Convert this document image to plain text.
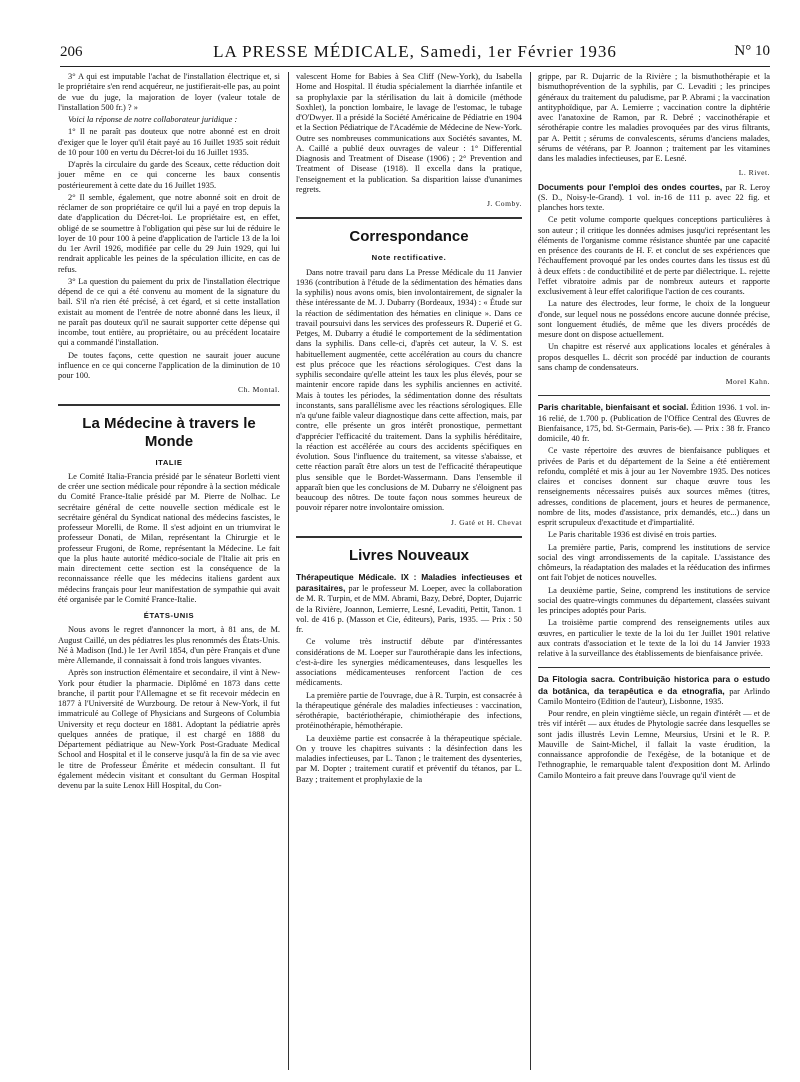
206	LA PRESSE MÉDICALE, Samedi, 1er Février 1936	N° 10

3° A qui est imputable l'achat de l'installation électrique et, si le propriétaire s'en rend acquéreur, ne justifierait-elle pas, au point de vue du juge, la majoration de loyer (valeur totale de l'installation 500 fr.) ? »

Voici la réponse de notre collaborateur juridique :

1° Il ne paraît pas douteux que notre abonné est en droit d'exiger que le loyer qu'il était payé au 16 Juillet 1935 soit réduit de 10 pour 100 en vertu du Décret-loi du 16 Juillet 1935.

D'après la circulaire du garde des Sceaux, cette réduction doit jouer même en ce qui concerne les baux consentis postérieurement à cette date du 16 Juillet 1935.

2° Il semble, également, que notre abonné soit en droit de réclamer de son propriétaire ce qu'il lui a payé en trop depuis la date d'application du Décret-loi. Le propriétaire est, en effet, obligé de se soumettre à l'obligation qui pèse sur lui de réduire le loyer de 10 pour 100 à peine d'application de l'article 13 de la loi du 1er Avril 1926, modifiée par celle du 29 Juin 1929, qui lui rendrait applicable les peines de la spéculation illicite, en cas de refus.

3° La question du paiement du prix de l'installation électrique dépend de ce qui a été convenu au moment de la signature du bail. S'il n'a rien été précisé, à cet égard, et si cette installation existait au moment de l'entrée de notre abonné dans les lieux, il ne paraît pas douteux qu'il ne saurait supporter cette dépense qui incombe, tout entière, au propriétaire, ou au précédent locataire qui a commandé l'installation.

De toutes façons, cette question ne saurait jouer aucune influence en ce qui concerne l'application de la diminution de 10 pour 100.

Ch. Montal.

La Médecine à travers le Monde
ITALIE

Le Comité Italia-Francia présidé par le sénateur Borletti vient de créer une section médicale pour répondre à la section médicale du Comité France-Italie présidé par M. Pierre de Nolhac. Le secrétaire général de cette nouvelle section médicale est le secrétaire général du Syndicat national des médecins fascistes, le professeur Morelli, de Rome. Il s'est adjoint en un triumvirat le professeur Donati, de Milan, représentant la Chirurgie et le professeur Frugoni, de Rome, représentant la Médecine. Le fait que la plus haute autorité médico-sociale de l'Italie ait pris en main directement cette section est la conséquence de la reconnaissance réelle que les médecins italiens gardent aux médecins français pour leur manifestation de sympathie qui avait été organisée par le Comité France-Italie.

ÉTATS-UNIS

Nous avons le regret d'annoncer la mort, à 81 ans, de M. August Caillé, un des pédiatres les plus renommés des États-Unis. Né à Madison (Ind.) le 1er Avril 1854, d'un père Français et d'une mère Allemande, il connaissait à fond trois langues vivantes.

Après son instruction élémentaire et secondaire, il vint à New-York pour étudier la pharmacie. Diplômé en 1873 dans cette branche, il partit pour l'Allemagne et se fit recevoir médecin en 1877 à l'Université de Wurzbourg. De retour à New-York, il fut immatriculé au College of Physicians and Surgeons of Columbia University et reçu docteur en 1881. Adoptant la pédiatrie après quelques années de pratique, il est chargé en 1888 du Département pédiatrique au New-York Post-Graduate Medical School and Hospital et il le conserve jusqu'à la fin de sa vie avec le titre de Professeur Émérite et médecin consultant. Il fut également médecin visitant et consultant du German Hospital devenu par la suite Lenox Hill Hospital, du Con-

valescent Home for Babies à Sea Cliff (New-York), du Isabella Home and Hospital. Il étudia spécialement la diarrhée infantile et sa prophylaxie par la stérilisation du lait à domicile (méthode Soxhlet), la ponction lombaire, le lavage de l'estomac, le tubage d'O'Dwyer. Il a présidé la Société Américaine de Pédiatrie en 1904 et la Section Pédiatrique de l'Académie de Médecine de New-York. Outre ses nombreuses communications aux Sociétés savantes, M. A. Caillé a publié deux ouvrages de valeur : 1° Differential Diagnosis and Treatment of Disease (1906) ; 2° Prevention and Treatment of Disease (1918). Il excella dans la pratique, l'enseignement et la publication. Sa disparition laisse d'unanimes regrets.

J. Comby.

Correspondance
Note rectificative.

Dans notre travail paru dans La Presse Médicale du 11 Janvier 1936 (contribution à l'étude de la sédimentation des hématies dans la syphilis) nous avons omis, bien involontairement, de signaler la thèse intéressante de M. J. Dubarry (Bordeaux, 1934) : « Étude sur la réaction de sédimentation des hématies en clinique ». Dans ce travail poursuivi dans les services des professeurs R. Duperié et G. Petges, M. Dubarry a étudié le comportement de la sédimentation dans la syphilis. Dans celle-ci, d'après cet auteur, la V. S. est habituellement augmentée, cette accélération au cours du chancre est plus précoce que les réactions sérologiques. C'est dans la syphilis secondaire qu'elle atteint les taux les plus élevés, pour se maintenir encore rapide dans les syphilis anciennes en activité. Mais à toutes les périodes, la sédimentation donne des résultats inconstants, sans parallélisme avec les réactions sérologiques. Elle n'a qu'une faible valeur diagnostique dans cette affection, mais, par contre, elle présente un gros intérêt pronostique, permettant d'apprécier l'efficacité du traitement. Dans la syphilis héréditaire, la réaction est accélérée au cours des accidents spécifiques en évolution. Sous l'influence du traitement, sa vitesse s'abaisse, et cette réaction paraît être alors un test de l'efficacité thérapeutique plus sensible que le Bordet-Wassermann. Dans l'ensemble il apparaît bien que les conclusions de M. Dubarry ne s'éloignent pas beaucoup des nôtres. De toute façon nous sommes heureux de pouvoir réparer notre involontaire omission.

J. Gaté et H. Chevat

Livres Nouveaux

Thérapeutique Médicale. IX : Maladies infectieuses et parasitaires, par le professeur M. Loeper, avec la collaboration de M. R. Turpin, et de MM. Abrami, Bazy, Debré, Dopter, Dujarric de la Rivière, Joannon, Lemierre, Lesné, Levaditi, Pettit, Tanon. 1 vol. de 416 p. (Masson et Cie, éditeurs), Paris, 1935. — Prix : 50 fr.

Ce volume très instructif débute par d'intéressantes considérations de M. Loeper sur l'aurothérapie dans les infections, c'est-à-dire les synergies médicamenteuses, dans lesquelles les associations médicamenteuses renforcent l'action de ces médicaments.

La première partie de l'ouvrage, due à R. Turpin, est consacrée à la thérapeutique générale des maladies infectieuses : vaccination, sérothérapie, bactériothérapie, chimiothérapie des infections, protéinothérapie, hémothérapie.

La deuxième partie est consacrée à la thérapeutique spéciale. On y trouve les chapitres suivants : la désinfection dans les maladies infectieuses, par L. Tanon ; le traitement des dysenteries, par M. Dopter ; traitement curatif et préventif du tétanos, par L. Bazy ; traitement et prophylaxie de la

grippe, par R. Dujarric de la Rivière ; la bismuthothérapie et la bismuthoprévention de la syphilis, par C. Levaditi ; les principes généraux du traitement du paludisme, par P. Abrami ; la vaccination antityphoïdique, par A. Lemierre ; vaccination contre la diphtérie avec l'anatoxine de Ramon, par R. Debré ; vaccinothérapie et sérothérapie contre les maladies provoquées par des virus filtrants, par A. Pettit ; sérums de convalescents, sérums d'anciens malades, sérums de vétérans, par P. Joannon ; traitement par les vitamines dans les maladies infectieuses, par E. Lesné.

L. Rivet.

Documents pour l'emploi des ondes courtes, par R. Leroy (S. D., Noisy-le-Grand). 1 vol. in-16 de 111 p. avec 22 fig. et planches hors texte.

Ce petit volume comporte quelques conceptions particulières à son auteur ; il critique les données admises jusqu'ici représentant les éléments de l'organisme comme résistance shuntée par une capacité en présence des courants de H. F. et conclut de ses expériences que l'échauffement provoqué par les ondes courtes dans les tissus est dû à deux effets : de conductibilité et de perte par diélectrique. L. rejette l'effet vibratoire admis par de nombreux auteurs et rapporte exclusivement à leur effet calorifique l'action de ces courants.

La nature des électrodes, leur forme, le choix de la longueur d'onde, sur lequel nous ne possédons encore aucune donnée précise, sont longuement étudiés, de même que les divers procédés de mesure dont on dispose actuellement.

Un chapitre est réservé aux applications locales et générales à propos desquelles L. décrit son procédé par induction de courants sans champ de condensateurs.

Morel Kahn.

Paris charitable, bienfaisant et social. Édition 1936. 1 vol. in-16 relié, de 1.700 p. (Publication de l'Office Central des Œuvres de Bienfaisance, 175, bd. St-Germain, Paris-6e). — Prix : 38 fr. Franco domicile, 40 fr.

Ce vaste répertoire des œuvres de bienfaisance publiques et privées de Paris et du département de la Seine a été entièrement refondu, complété et mis à jour au 1er Novembre 1935. Des notices claires et concises donnent sur chaque œuvre tous les renseignements nécessaires puisés aux sources mêmes (titres, adresses, conditions de placement, jours et heures de permanence, nombre de lits, modes d'assistance, prix demandés, etc...) dans un esprit scrupuleux d'exactitude et d'impartialité.

Le Paris charitable 1936 est divisé en trois parties.

La première partie, Paris, comprend les institutions de service social des vingt arrondissements de la capitale. L'assistance des chômeurs, la réadaptation des malades et la rééducation des infirmes ont fait l'objet de notices nouvelles.

La deuxième partie, Seine, comprend les institutions de service social des quatre-vingts communes du département, classées suivant les principes adoptés pour Paris.

La troisième partie comprend des renseignements utiles aux œuvres, en particulier le texte de la loi du 1er Juillet 1901 relative aux contrats d'association et le texte de la loi du 14 Janvier 1933 relative à la surveillance des établissements de bienfaisance privée.

Da Fitologia sacra. Contribuição historica para o estudo da botânica, da terapêutica e da etnografia, par Arlindo Camilo Monteiro (Edition de l'auteur), Lisbonne, 1935.

Pour rendre, en plein vingtième siècle, un regain d'intérêt — et de très vif intérêt — aux études de Phytologie sacrée dans lesquelles se sont jadis illustrés Levin Lemne, Meursius, Ursini et le R. P. Mauville de Saint-Michel, il fallait la vaste érudition, la connaissance approfondie de l'exégèse, de la botanique et de l'ethnographie, le remarquable talent d'exposition dont M. Arlindo Camilo Monteiro a fait preuve dans l'ouvrage qu'il vient de
